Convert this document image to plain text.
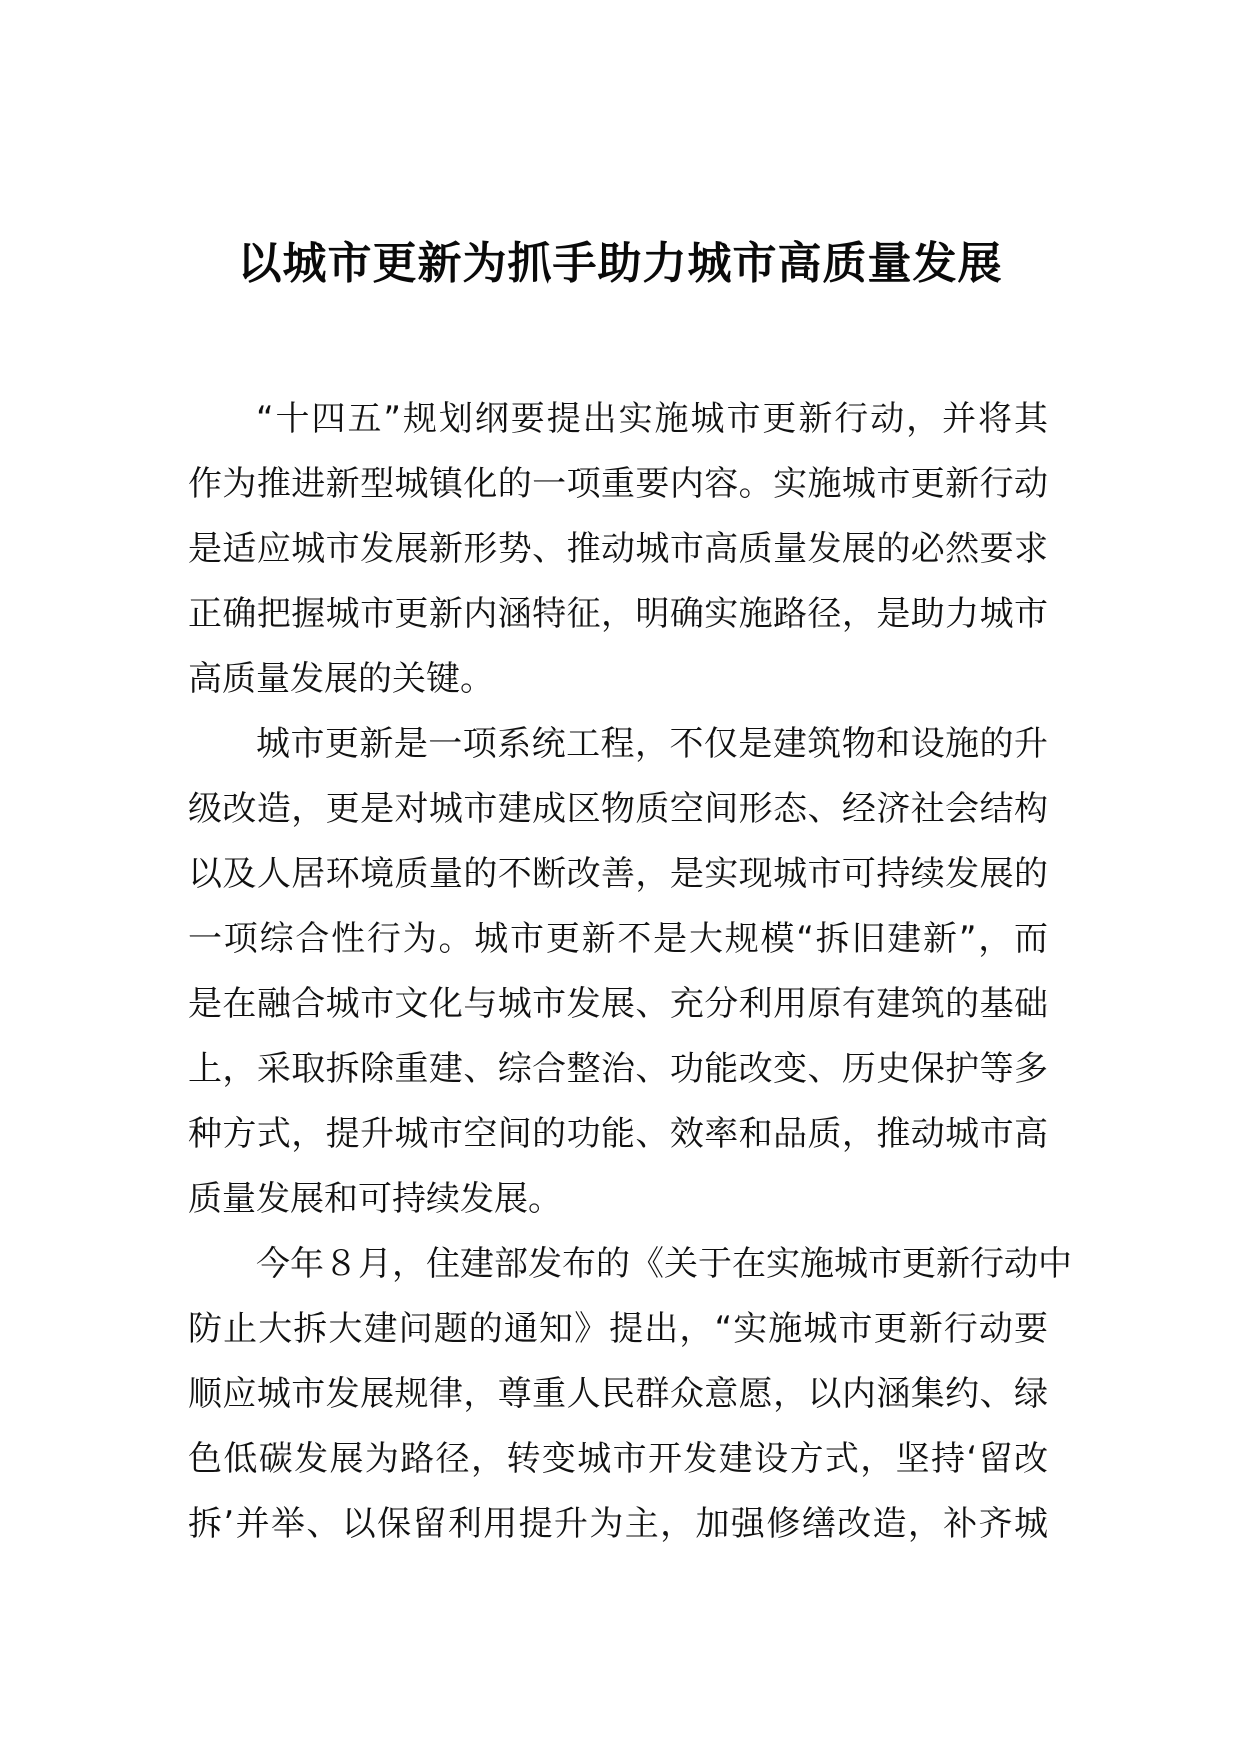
以城市更新为抓手助力城市高质量发展
“十四五”规划纲要提出实施城市更新行动，并将其
作为推进新型城镇化的一项重要内容。实施城市更新行动
是适应城市发展新形势、推动城市高质量发展的必然要求
正确把握城市更新内涵特征，明确实施路径，是助力城市
高质量发展的关键。
城市更新是一项系统工程，不仅是建筑物和设施的升
级改造，更是对城市建成区物质空间形态、经济社会结构
以及人居环境质量的不断改善，是实现城市可持续发展的
一项综合性行为。城市更新不是大规模“拆旧建新”，而
是在融合城市文化与城市发展、充分利用原有建筑的基础
上，采取拆除重建、综合整治、功能改变、历史保护等多
种方式，提升城市空间的功能、效率和品质，推动城市高
质量发展和可持续发展。
今年８月，住建部发布的《关于在实施城市更新行动中
防止大拆大建问题的通知》提出，“实施城市更新行动要
顺应城市发展规律，尊重人民群众意愿，以内涵集约、绿
色低碳发展为路径，转变城市开发建设方式，坚持‘留改
拆’并举、以保留利用提升为主，加强修缮改造，补齐城
